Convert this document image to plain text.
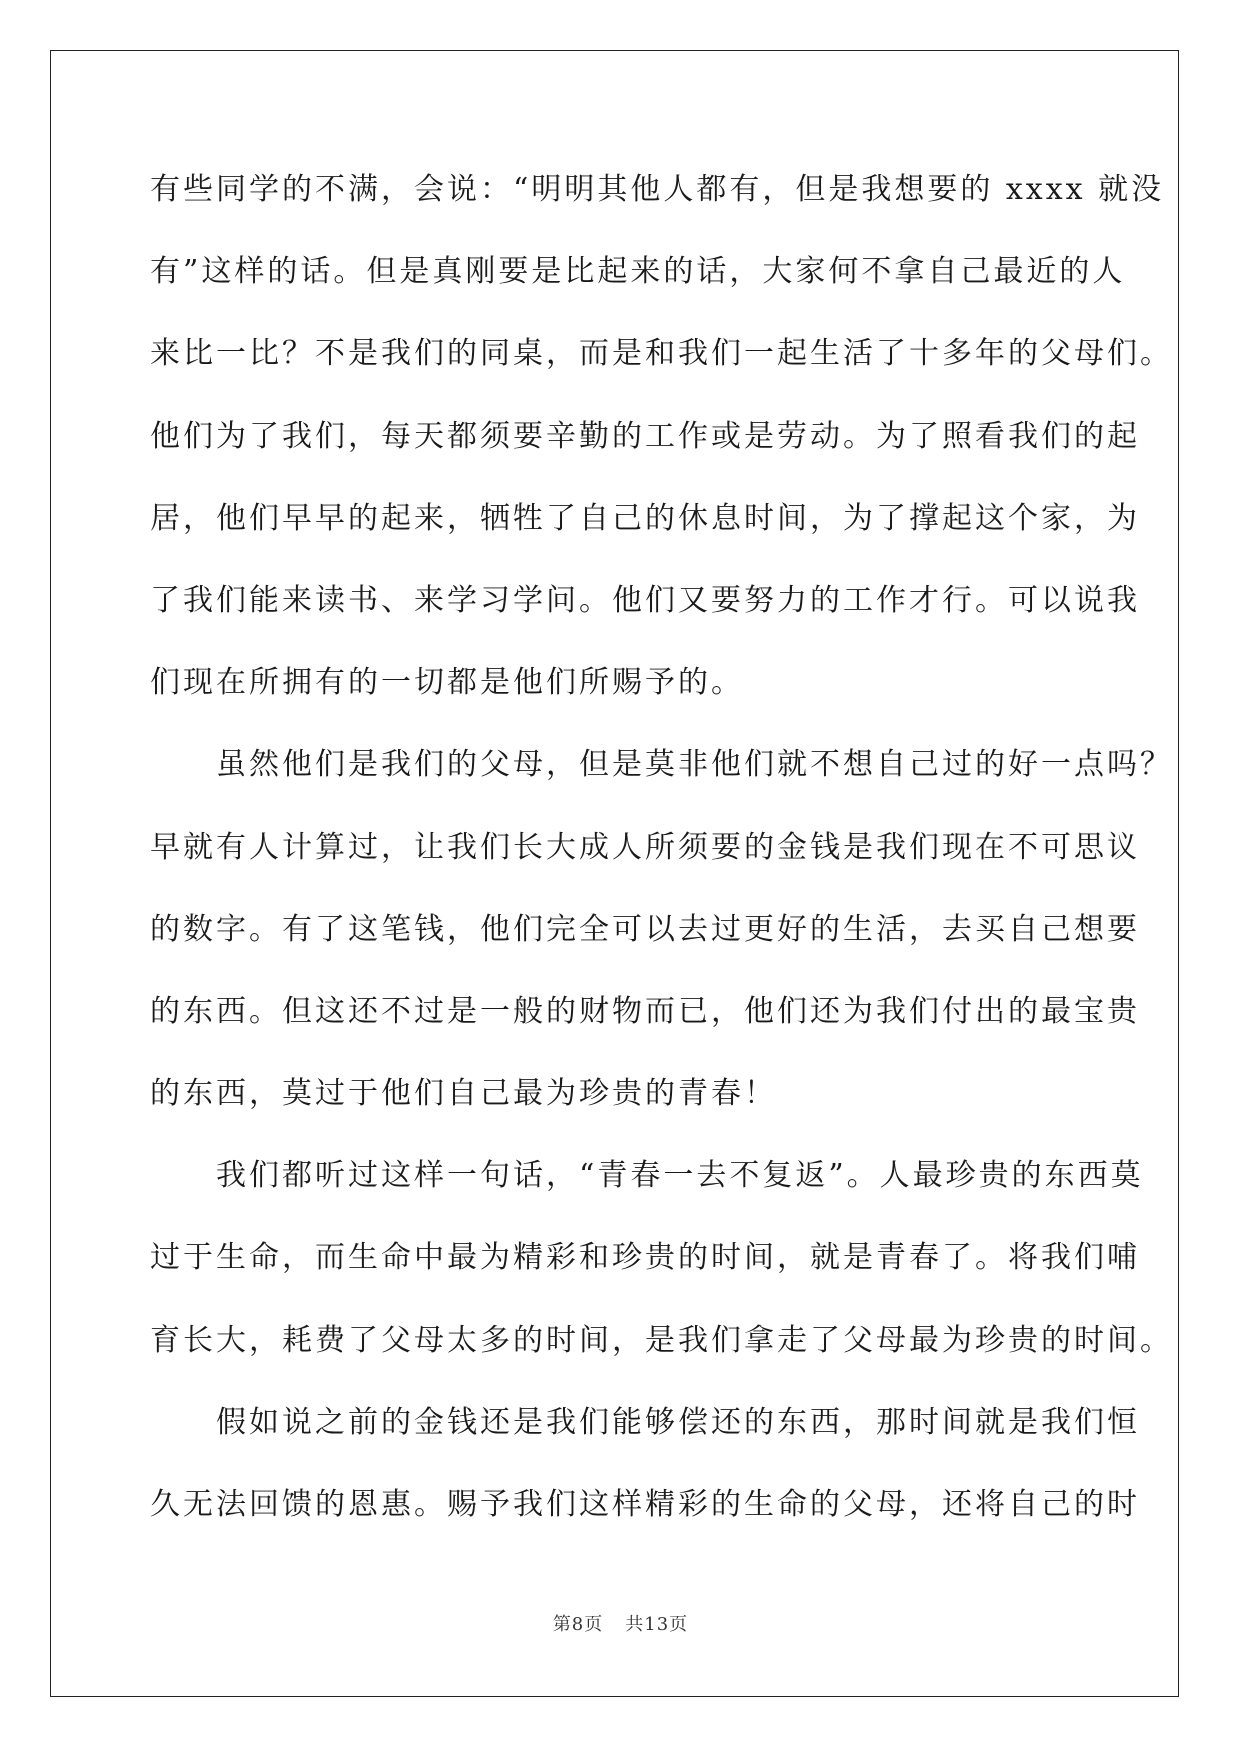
有些同学的不满，会说：“明明其他人都有，但是我想要的 xxxx 就没
有”这样的话。但是真刚要是比起来的话，大家何不拿自己最近的人
来比一比？不是我们的同桌，而是和我们一起生活了十多年的父母们。
他们为了我们，每天都须要辛勤的工作或是劳动。为了照看我们的起
居，他们早早的起来，牺牲了自己的休息时间，为了撑起这个家，为
了我们能来读书、来学习学问。他们又要努力的工作才行。可以说我
们现在所拥有的一切都是他们所赐予的。
　　虽然他们是我们的父母，但是莫非他们就不想自己过的好一点吗？
早就有人计算过，让我们长大成人所须要的金钱是我们现在不可思议
的数字。有了这笔钱，他们完全可以去过更好的生活，去买自己想要
的东西。但这还不过是一般的财物而已，他们还为我们付出的最宝贵
的东西，莫过于他们自己最为珍贵的青春！
　　我们都听过这样一句话，“青春一去不复返”。人最珍贵的东西莫
过于生命，而生命中最为精彩和珍贵的时间，就是青春了。将我们哺
育长大，耗费了父母太多的时间，是我们拿走了父母最为珍贵的时间。
　　假如说之前的金钱还是我们能够偿还的东西，那时间就是我们恒
久无法回馈的恩惠。赐予我们这样精彩的生命的父母，还将自己的时
第8页 共13页
